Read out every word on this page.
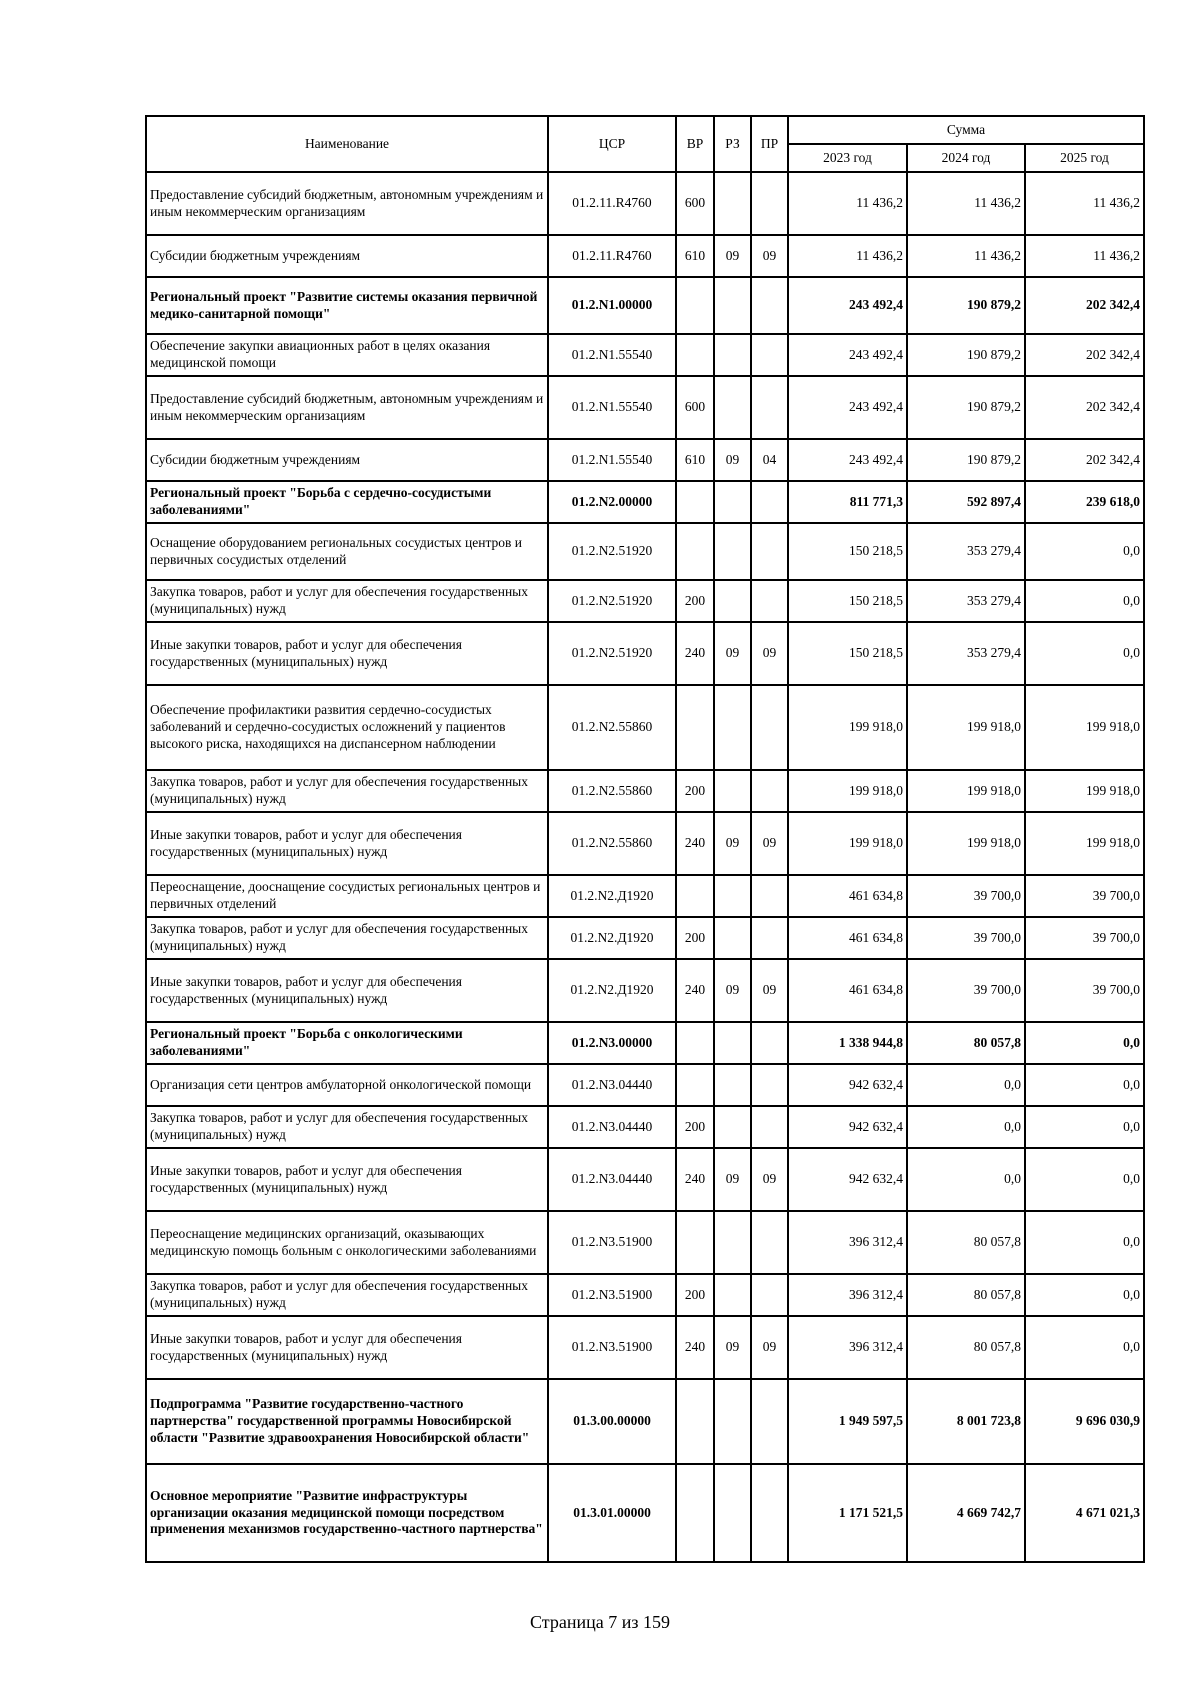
Наименование	ЦСР	ВР	РЗ	ПР	Сумма		
					2023 год	2024 год	2025 год
Предоставление субсидий бюджетным, автономным учреждениям и иным некоммерческим организациям	01.2.11.R4760	600			11 436,2	11 436,2	11 436,2
Субсидии бюджетным учреждениям	01.2.11.R4760	610	09	09	11 436,2	11 436,2	11 436,2
Региональный проект "Развитие системы оказания первичной медико-санитарной помощи"	01.2.N1.00000				243 492,4	190 879,2	202 342,4
Обеспечение закупки авиационных работ в целях оказания медицинской помощи	01.2.N1.55540				243 492,4	190 879,2	202 342,4
Предоставление субсидий бюджетным, автономным учреждениям и иным некоммерческим организациям	01.2.N1.55540	600			243 492,4	190 879,2	202 342,4
Субсидии бюджетным учреждениям	01.2.N1.55540	610	09	04	243 492,4	190 879,2	202 342,4
Региональный проект "Борьба с сердечно-сосудистыми заболеваниями"	01.2.N2.00000				811 771,3	592 897,4	239 618,0
Оснащение оборудованием региональных сосудистых центров и первичных сосудистых отделений	01.2.N2.51920				150 218,5	353 279,4	0,0
Закупка товаров, работ и услуг для обеспечения государственных (муниципальных) нужд	01.2.N2.51920	200			150 218,5	353 279,4	0,0
Иные закупки товаров, работ и услуг для обеспечения государственных (муниципальных) нужд	01.2.N2.51920	240	09	09	150 218,5	353 279,4	0,0
Обеспечение профилактики развития сердечно-сосудистых заболеваний и сердечно-сосудистых осложнений у пациентов высокого риска, находящихся на диспансерном наблюдении	01.2.N2.55860				199 918,0	199 918,0	199 918,0
Закупка товаров, работ и услуг для обеспечения государственных (муниципальных) нужд	01.2.N2.55860	200			199 918,0	199 918,0	199 918,0
Иные закупки товаров, работ и услуг для обеспечения государственных (муниципальных) нужд	01.2.N2.55860	240	09	09	199 918,0	199 918,0	199 918,0
Переоснащение, дооснащение сосудистых региональных центров и первичных отделений	01.2.N2.Д1920				461 634,8	39 700,0	39 700,0
Закупка товаров, работ и услуг для обеспечения государственных (муниципальных) нужд	01.2.N2.Д1920	200			461 634,8	39 700,0	39 700,0
Иные закупки товаров, работ и услуг для обеспечения государственных (муниципальных) нужд	01.2.N2.Д1920	240	09	09	461 634,8	39 700,0	39 700,0
Региональный проект "Борьба с онкологическими заболеваниями"	01.2.N3.00000				1 338 944,8	80 057,8	0,0
Организация сети центров амбулаторной онкологической помощи	01.2.N3.04440				942 632,4	0,0	0,0
Закупка товаров, работ и услуг для обеспечения государственных (муниципальных) нужд	01.2.N3.04440	200			942 632,4	0,0	0,0
Иные закупки товаров, работ и услуг для обеспечения государственных (муниципальных) нужд	01.2.N3.04440	240	09	09	942 632,4	0,0	0,0
Переоснащение медицинских организаций, оказывающих медицинскую помощь больным с онкологическими заболеваниями	01.2.N3.51900				396 312,4	80 057,8	0,0
Закупка товаров, работ и услуг для обеспечения государственных (муниципальных) нужд	01.2.N3.51900	200			396 312,4	80 057,8	0,0
Иные закупки товаров, работ и услуг для обеспечения государственных (муниципальных) нужд	01.2.N3.51900	240	09	09	396 312,4	80 057,8	0,0
Подпрограмма "Развитие государственно-частного партнерства" государственной программы Новосибирской области "Развитие здравоохранения Новосибирской области"	01.3.00.00000				1 949 597,5	8 001 723,8	9 696 030,9
Основное мероприятие "Развитие инфраструктуры организации оказания медицинской помощи посредством применения механизмов государственно-частного партнерства"	01.3.01.00000				1 171 521,5	4 669 742,7	4 671 021,3
Страница 7 из 159
